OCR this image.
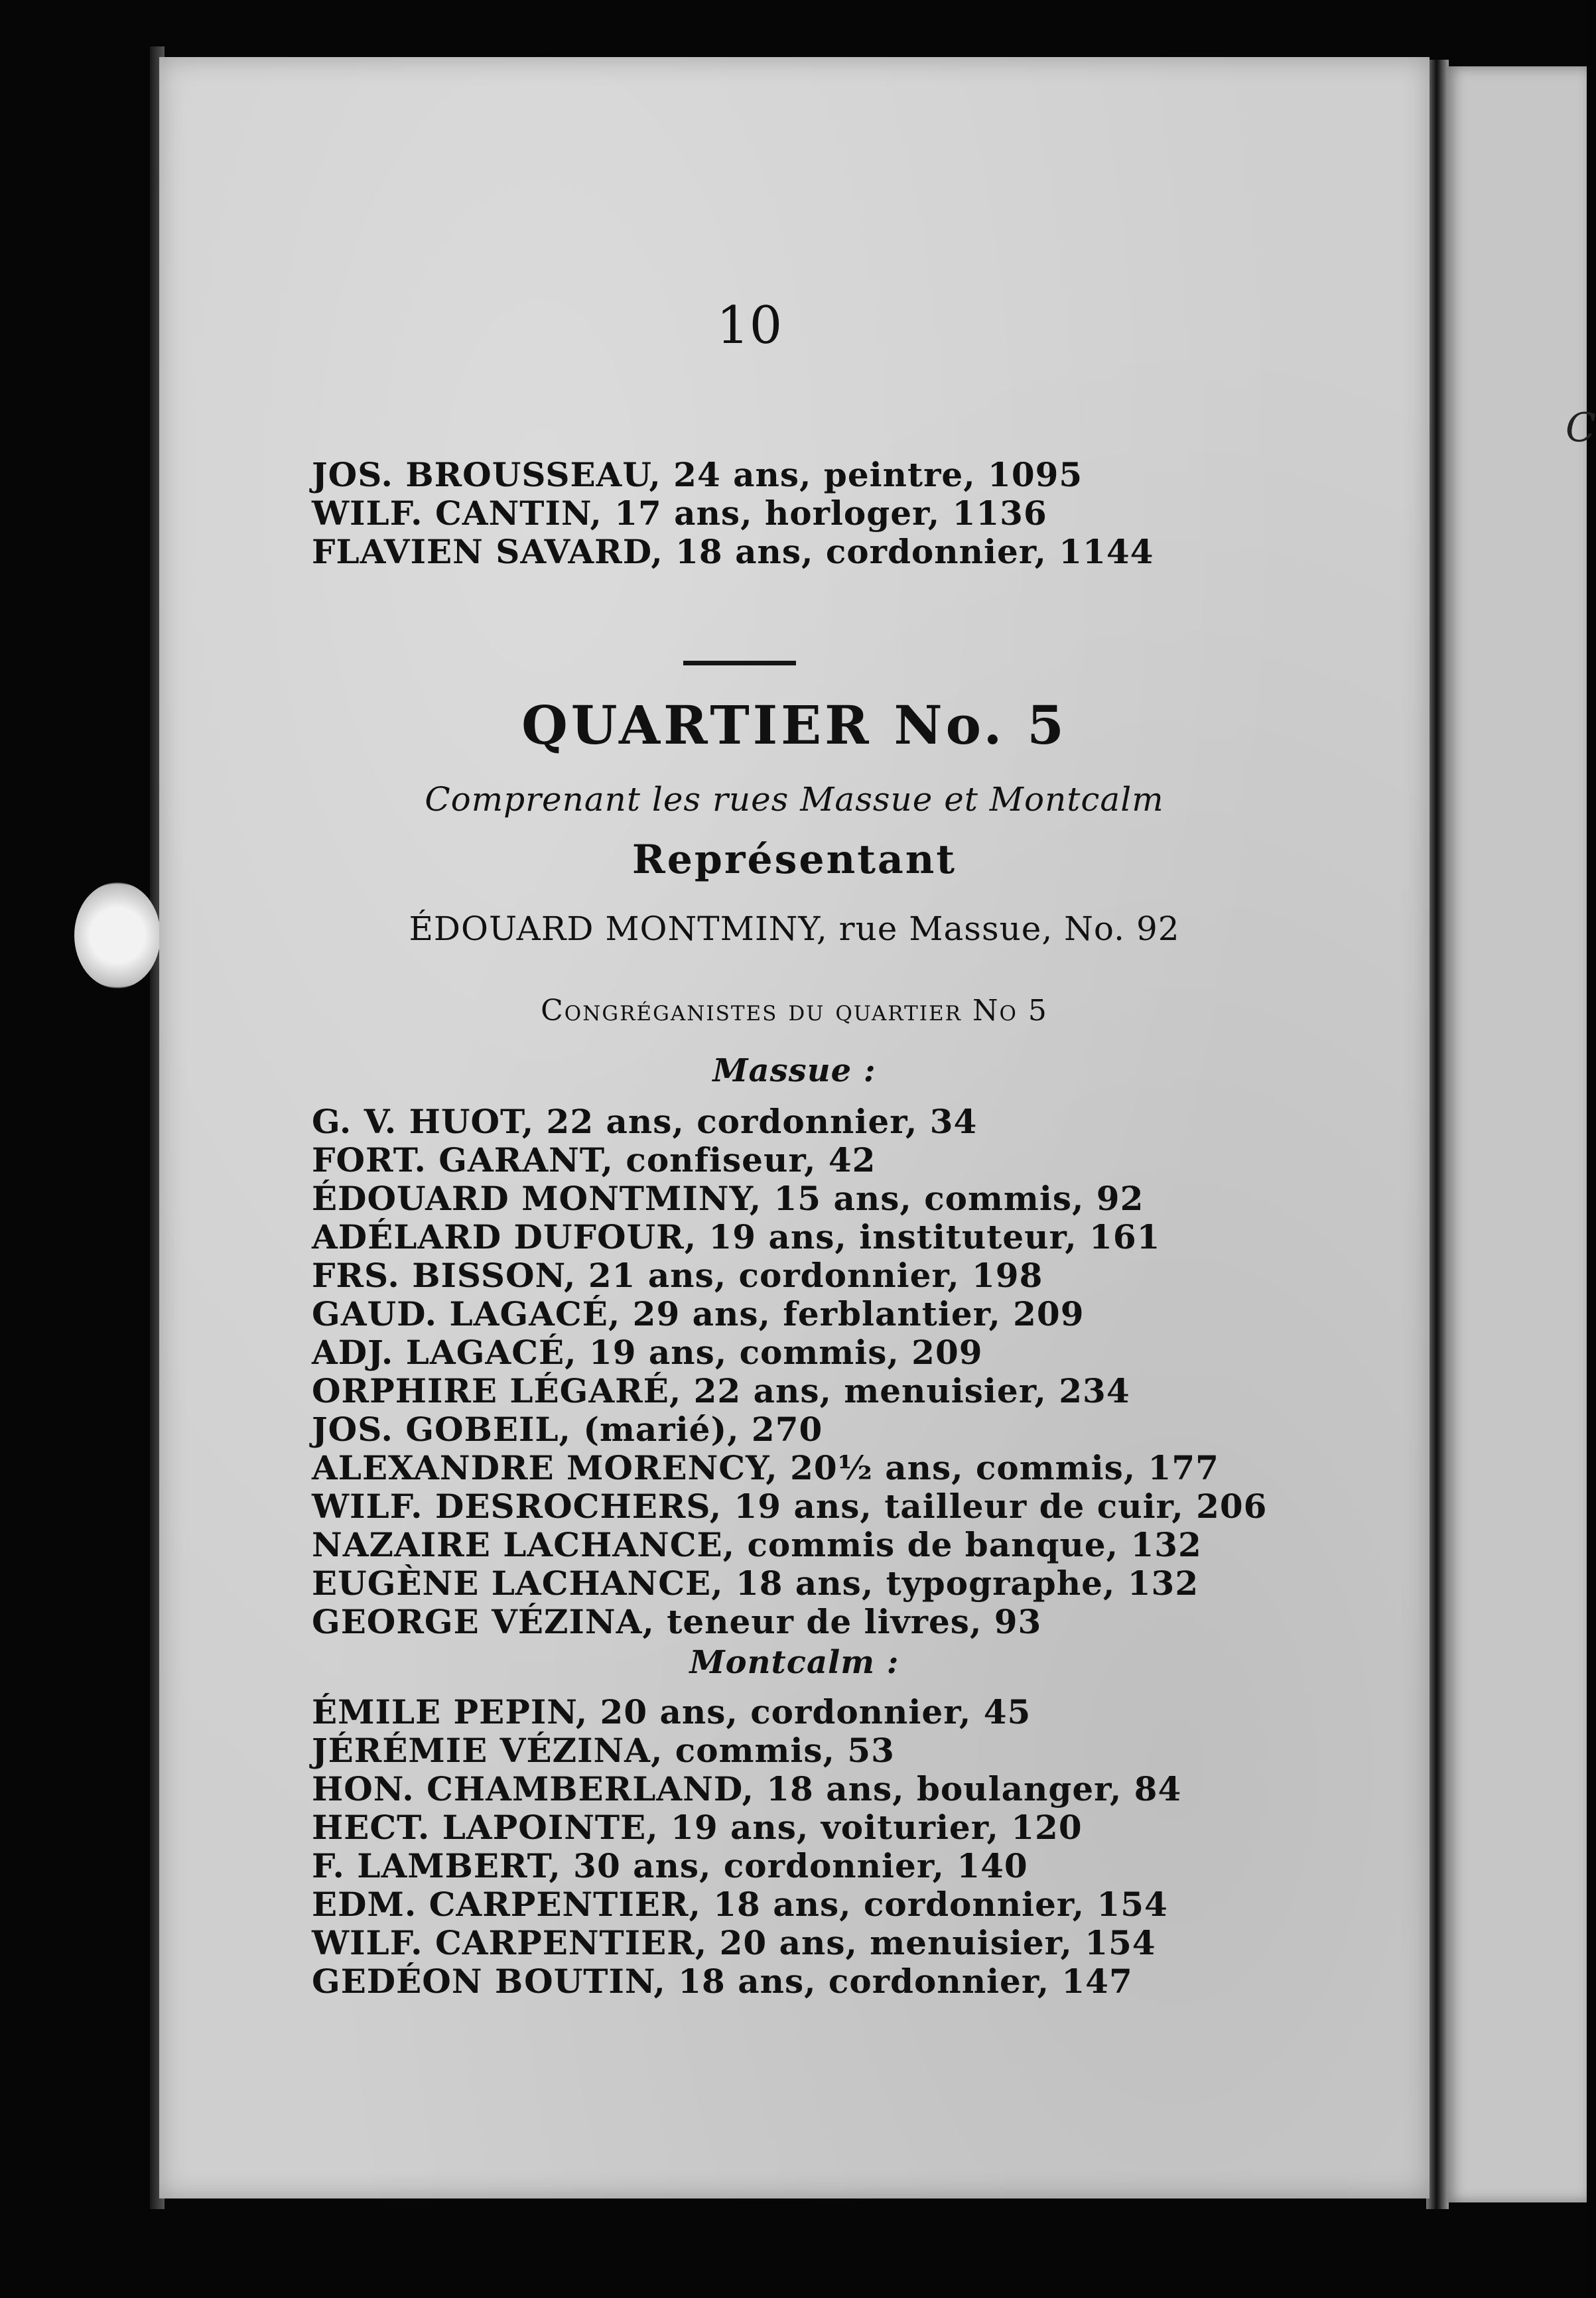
C
10
JOS. BROUSSEAU, 24 ans, peintre, 1095
WILF. CANTIN, 17 ans, horloger, 1136
FLAVIEN SAVARD, 18 ans, cordonnier, 1144
QUARTIER No. 5
Comprenant les rues Massue et Montcalm
Représentant
ÉDOUARD MONTMINY, rue Massue, No. 92
Congréganistes du quartier No 5
Massue :
G. V. HUOT, 22 ans, cordonnier, 34
FORT. GARANT, confiseur, 42
ÉDOUARD MONTMINY, 15 ans, commis, 92
ADÉLARD DUFOUR, 19 ans, instituteur, 161
FRS. BISSON, 21 ans, cordonnier, 198
GAUD. LAGACÉ, 29 ans, ferblantier, 209
ADJ. LAGACÉ, 19 ans, commis, 209
ORPHIRE LÉGARÉ, 22 ans, menuisier, 234
JOS. GOBEIL, (marié), 270
ALEXANDRE MORENCY, 20½ ans, commis, 177
WILF. DESROCHERS, 19 ans, tailleur de cuir, 206
NAZAIRE LACHANCE, commis de banque, 132
EUGÈNE LACHANCE, 18 ans, typographe, 132
GEORGE VÉZINA, teneur de livres, 93
Montcalm :
ÉMILE PEPIN, 20 ans, cordonnier, 45
JÉRÉMIE VÉZINA, commis, 53
HON. CHAMBERLAND, 18 ans, boulanger, 84
HECT. LAPOINTE, 19 ans, voiturier, 120
F. LAMBERT, 30 ans, cordonnier, 140
EDM. CARPENTIER, 18 ans, cordonnier, 154
WILF. CARPENTIER, 20 ans, menuisier, 154
GEDÉON BOUTIN, 18 ans, cordonnier, 147
